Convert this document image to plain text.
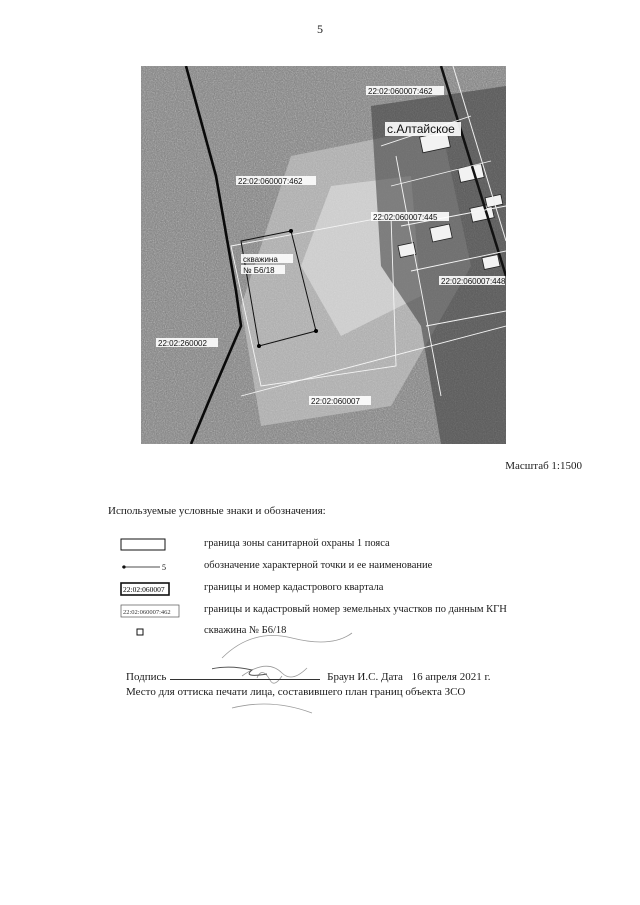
5
22:02:060007:462
с.Алтайское
22:02:060007:462
22:02:060007:445
22:02:060007:448
скважина
№ Б6/18
22:02:260002
22:02:060007
Масштаб 1:1500
Используемые условные знаки и обозначения:
граница зоны санитарной охраны 1 пояса
5	обозначение характерной точки и ее наименование
22:02:060007	границы и номер кадастрового квартала
22:02:060007:462	границы и кадастровый номер земельных участков по данным КГН
скважина № Б6/18
Подпись	Браун И.С. Дата 16 апреля 2021 г.
Место для оттиска печати лица, составившего план границ объекта ЗСО
